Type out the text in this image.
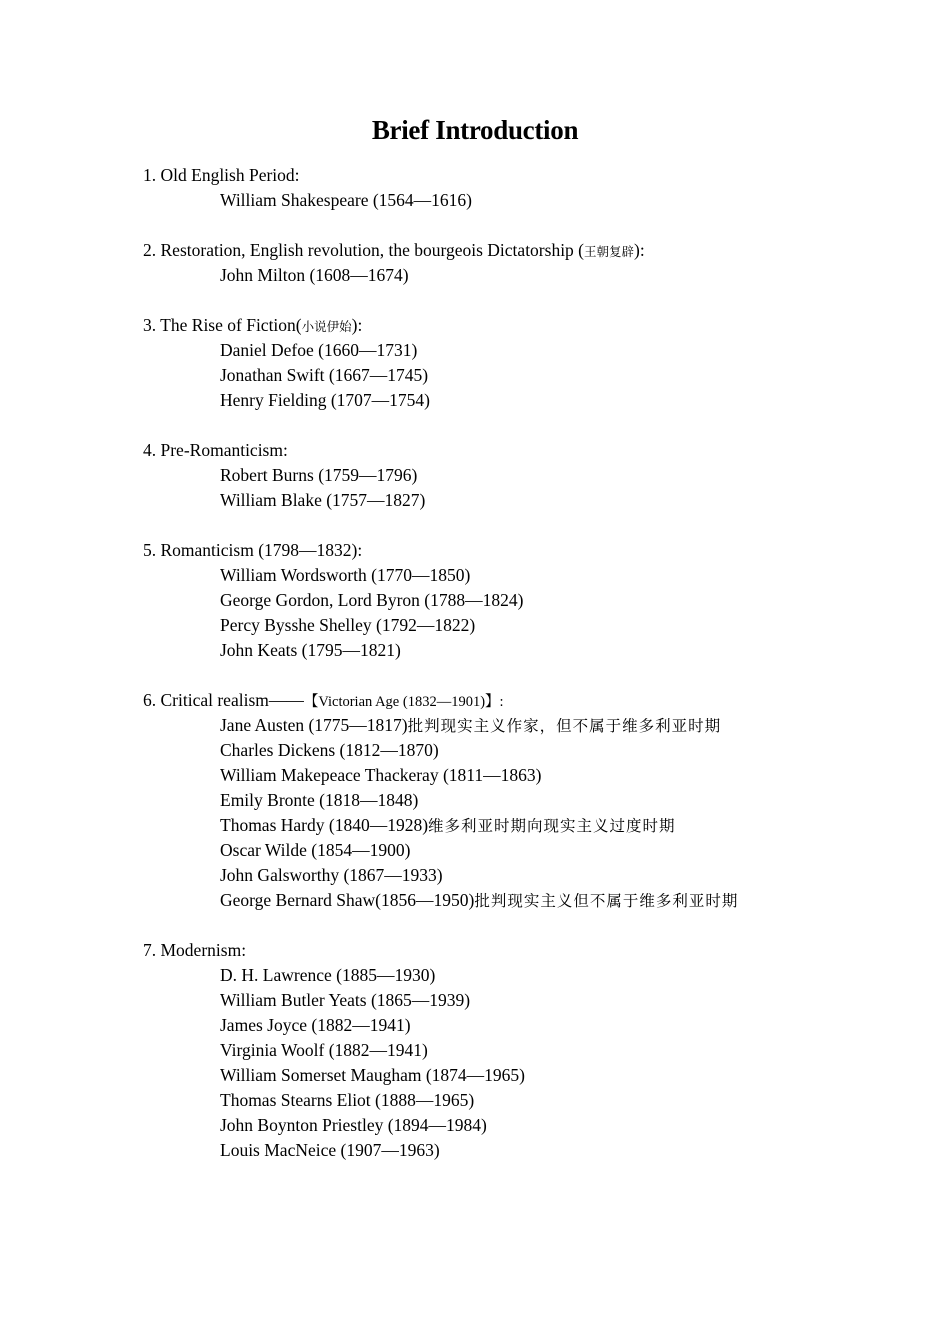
Brief Introduction
1. Old English Period:
William Shakespeare (1564—1616)
2. Restoration, English revolution, the bourgeois Dictatorship (王朝复辟):
John Milton (1608—1674)
3. The Rise of Fiction(小说伊始):
Daniel Defoe (1660—1731)
Jonathan Swift (1667—1745)
Henry Fielding (1707—1754)
4. Pre-Romanticism:
Robert Burns (1759—1796)
William Blake (1757—1827)
5. Romanticism (1798—1832):
William Wordsworth (1770—1850)
George Gordon, Lord Byron (1788—1824)
Percy Bysshe Shelley (1792—1822)
John Keats (1795—1821)
6. Critical realism——【Victorian Age (1832—1901)】:
Jane Austen (1775—1817)批判现实主义作家，但不属于维多利亚时期
Charles Dickens (1812—1870)
William Makepeace Thackeray (1811—1863)
Emily Bronte (1818—1848)
Thomas Hardy (1840—1928)维多利亚时期向现实主义过度时期
Oscar Wilde (1854—1900)
John Galsworthy (1867—1933)
George Bernard Shaw(1856—1950)批判现实主义但不属于维多利亚时期
7. Modernism:
D. H. Lawrence (1885—1930)
William Butler Yeats (1865—1939)
James Joyce (1882—1941)
Virginia Woolf (1882—1941)
William Somerset Maugham (1874—1965)
Thomas Stearns Eliot (1888—1965)
John Boynton Priestley (1894—1984)
Louis MacNeice (1907—1963)
